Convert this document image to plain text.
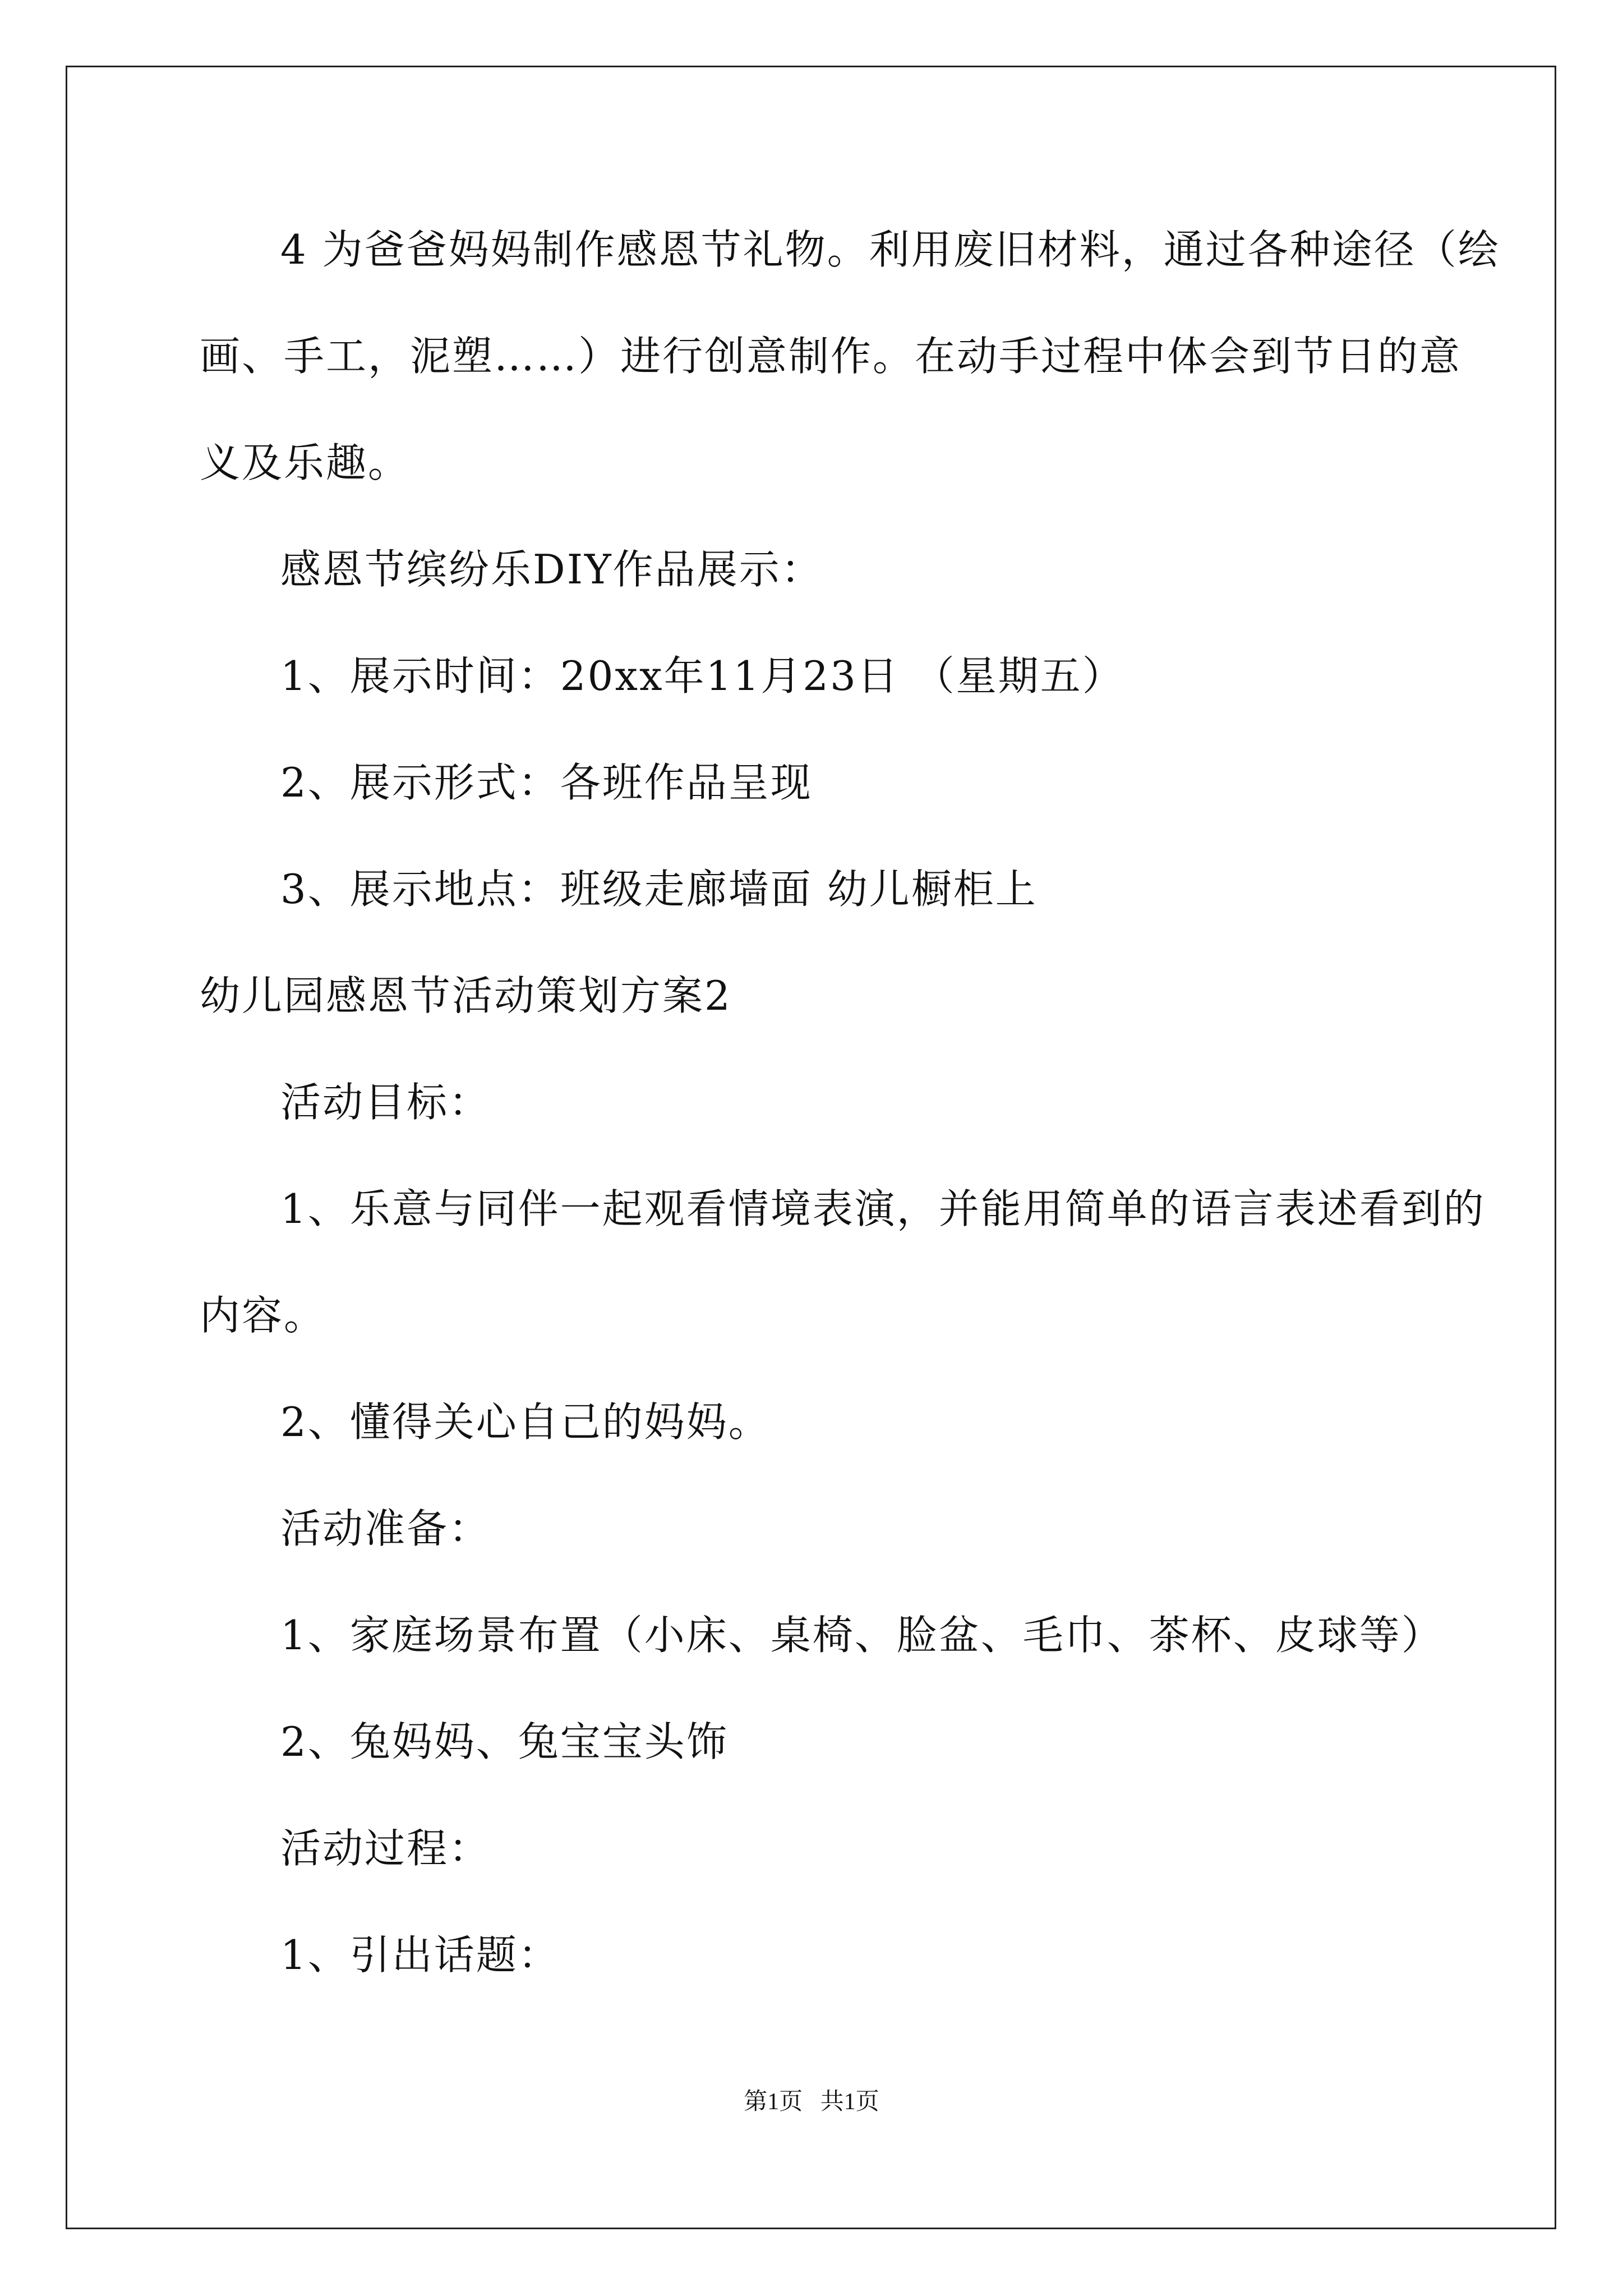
4 为爸爸妈妈制作感恩节礼物。利用废旧材料，通过各种途径（绘
画、手工，泥塑……）进行创意制作。在动手过程中体会到节日的意
义及乐趣。
感恩节缤纷乐DIY作品展示：
1、展示时间：20xx年11月23日 （星期五）
2、展示形式：各班作品呈现
3、展示地点：班级走廊墙面 幼儿橱柜上
幼儿园感恩节活动策划方案2
活动目标：
1、乐意与同伴一起观看情境表演，并能用简单的语言表述看到的
内容。
2、懂得关心自己的妈妈。
活动准备：
1、家庭场景布置（小床、桌椅、脸盆、毛巾、茶杯、皮球等）
2、兔妈妈、兔宝宝头饰
活动过程：
1、引出话题：
第1页   共1页
